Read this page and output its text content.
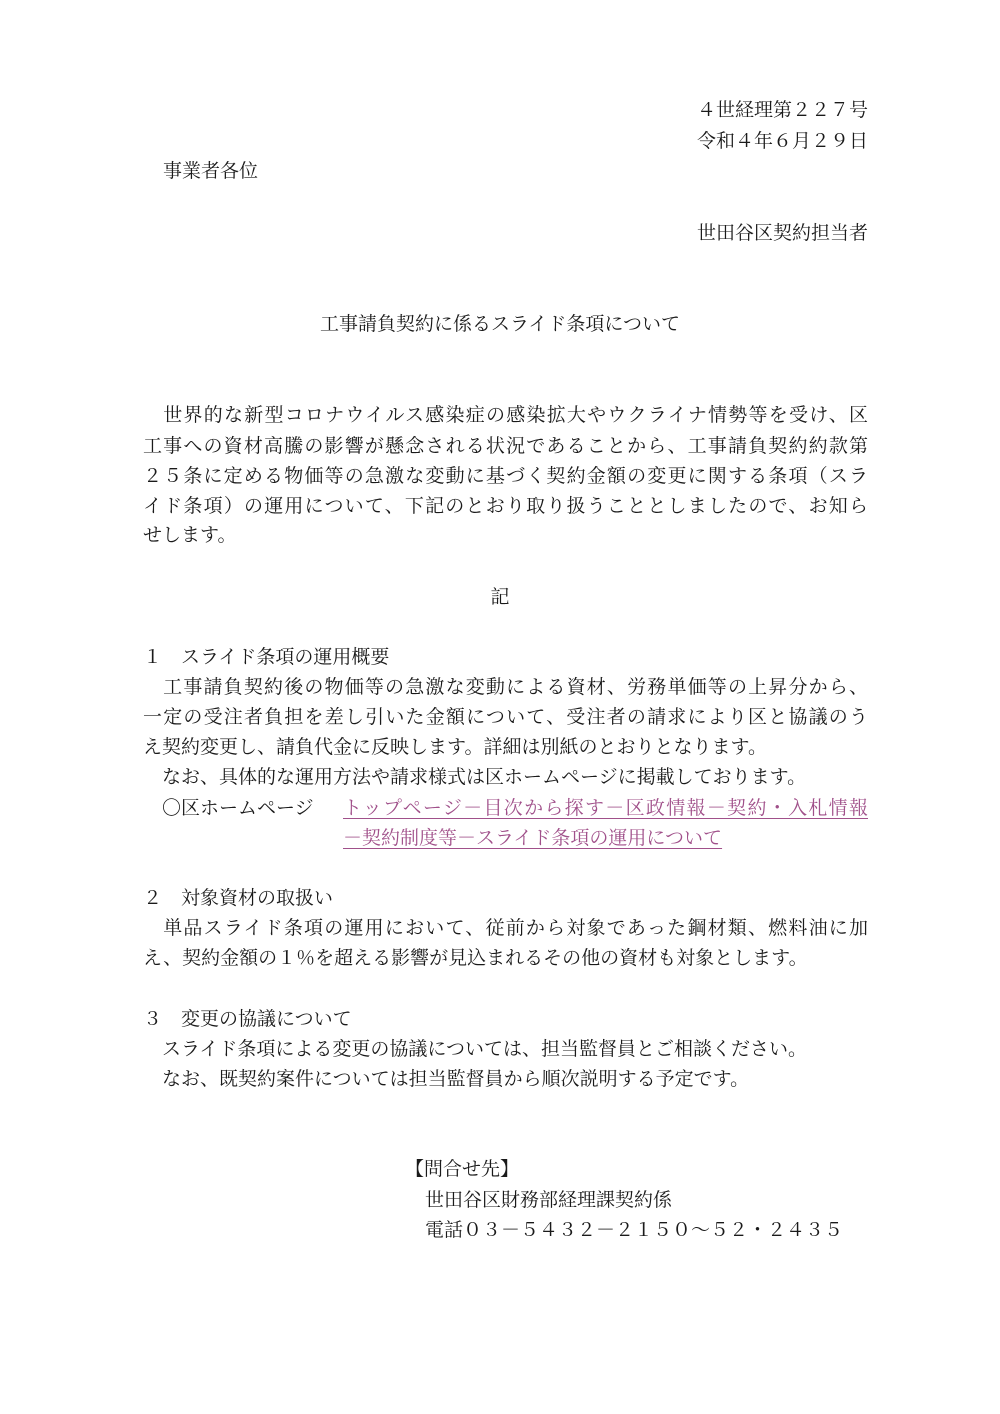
４世経理第２２７号
令和４年６月２９日
事業者各位
世田谷区契約担当者
工事請負契約に係るスライド条項について
　世界的な新型コロナウイルス感染症の感染拡大やウクライナ情勢等を受け、区
工事への資材高騰の影響が懸念される状況であることから、工事請負契約約款第
２５条に定める物価等の急激な変動に基づく契約金額の変更に関する条項（スラ
イド条項）の運用について、下記のとおり取り扱うこととしましたので、お知ら
せします。
記
１　スライド条項の運用概要
　工事請負契約後の物価等の急激な変動による資材、労務単価等の上昇分から、
一定の受注者負担を差し引いた金額について、受注者の請求により区と協議のう
え契約変更し、請負代金に反映します。詳細は別紙のとおりとなります。
　なお、具体的な運用方法や請求様式は区ホームページに掲載しております。
　〇区ホームページ トップページ－目次から探す－区政情報－契約・入札情報
－契約制度等－スライド条項の運用について
２　対象資材の取扱い
　単品スライド条項の運用において、従前から対象であった鋼材類、燃料油に加
え、契約金額の１％を超える影響が見込まれるその他の資材も対象とします。
３　変更の協議について
　スライド条項による変更の協議については、担当監督員とご相談ください。
　なお、既契約案件については担当監督員から順次説明する予定です。
【問合せ先】
世田谷区財務部経理課契約係
電話０３－５４３２－２１５０～５２・２４３５
